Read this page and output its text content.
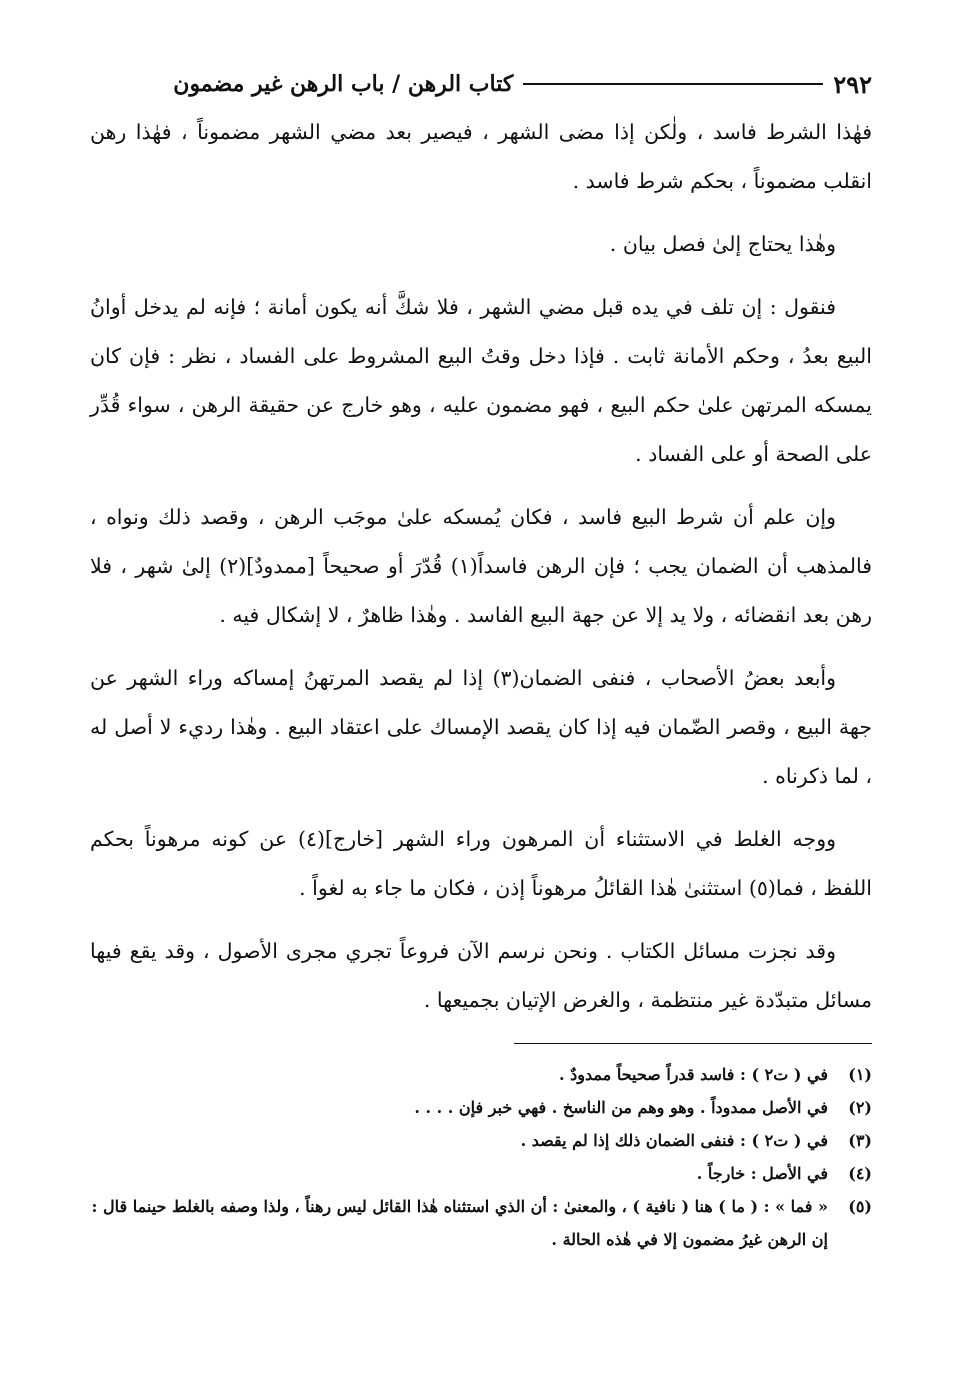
٢٩٢
كتاب الرهن / باب الرهن غير مضمون

فهٰذا الشرط فاسد ، ولٰكن إذا مضى الشهر ، فيصير بعد مضي الشهر مضموناً ، فهٰذا رهن انقلب مضموناً ، بحكم شرط فاسد .

وهٰذا يحتاج إلىٰ فصل بيان .

فنقول : إن تلف في يده قبل مضي الشهر ، فلا شكَّ أنه يكون أمانة ؛ فإنه لم يدخل أوانُ البيع بعدُ ، وحكم الأمانة ثابت . فإذا دخل وقتُ البيع المشروط على الفساد ، نظر : فإن كان يمسكه المرتهن علىٰ حكم البيع ، فهو مضمون عليه ، وهو خارج عن حقيقة الرهن ، سواء قُدِّر على الصحة أو على الفساد .

وإن علم أن شرط البيع فاسد ، فكان يُمسكه علىٰ موجَب الرهن ، وقصد ذلك ونواه ، فالمذهب أن الضمان يجب ؛ فإن الرهن فاسداً(١) قُدّرَ أو صحيحاً [ممدودٌ](٢) إلىٰ شهر ، فلا رهن بعد انقضائه ، ولا يد إلا عن جهة البيع الفاسد . وهٰذا ظاهرٌ ، لا إشكال فيه .

وأبعد بعضُ الأصحاب ، فنفى الضمان(٣) إذا لم يقصد المرتهنُ إمساكه وراء الشهر عن جهة البيع ، وقصر الضّمان فيه إذا كان يقصد الإمساك على اعتقاد البيع . وهٰذا رديء لا أصل له ، لما ذكرناه .

ووجه الغلط في الاستثناء أن المرهون وراء الشهر [خارج](٤) عن كونه مرهوناً بحكم اللفظ ، فما(٥) استثنىٰ هٰذا القائلُ مرهوناً إذن ، فكان ما جاء به لغواً .

وقد نجزت مسائل الكتاب . ونحن نرسم الآن فروعاً تجري مجرى الأصول ، وقد يقع فيها مسائل متبدّدة غير منتظمة ، والغرض الإتيان بجميعها .

(١)
في ( ت٢ ) : فاسد قدراً صحيحاً ممدودٌ .
(٢)
في الأصل ممدوداً . وهو وهم من الناسخ . فهي خبر فإن . . . .
(٣)
في ( ت٢ ) : فنفى الضمان ذلك إذا لم يقصد .
(٤)
في الأصل : خارجاً .
(٥)
« فما » : ( ما ) هنا ( نافية ) ، والمعنىٰ : أن الذي استثناه هٰذا القائل ليس رهناً ، ولذا وصفه بالغلط حينما قال : إن الرهن غيرُ مضمون إلا في هٰذه الحالة .
